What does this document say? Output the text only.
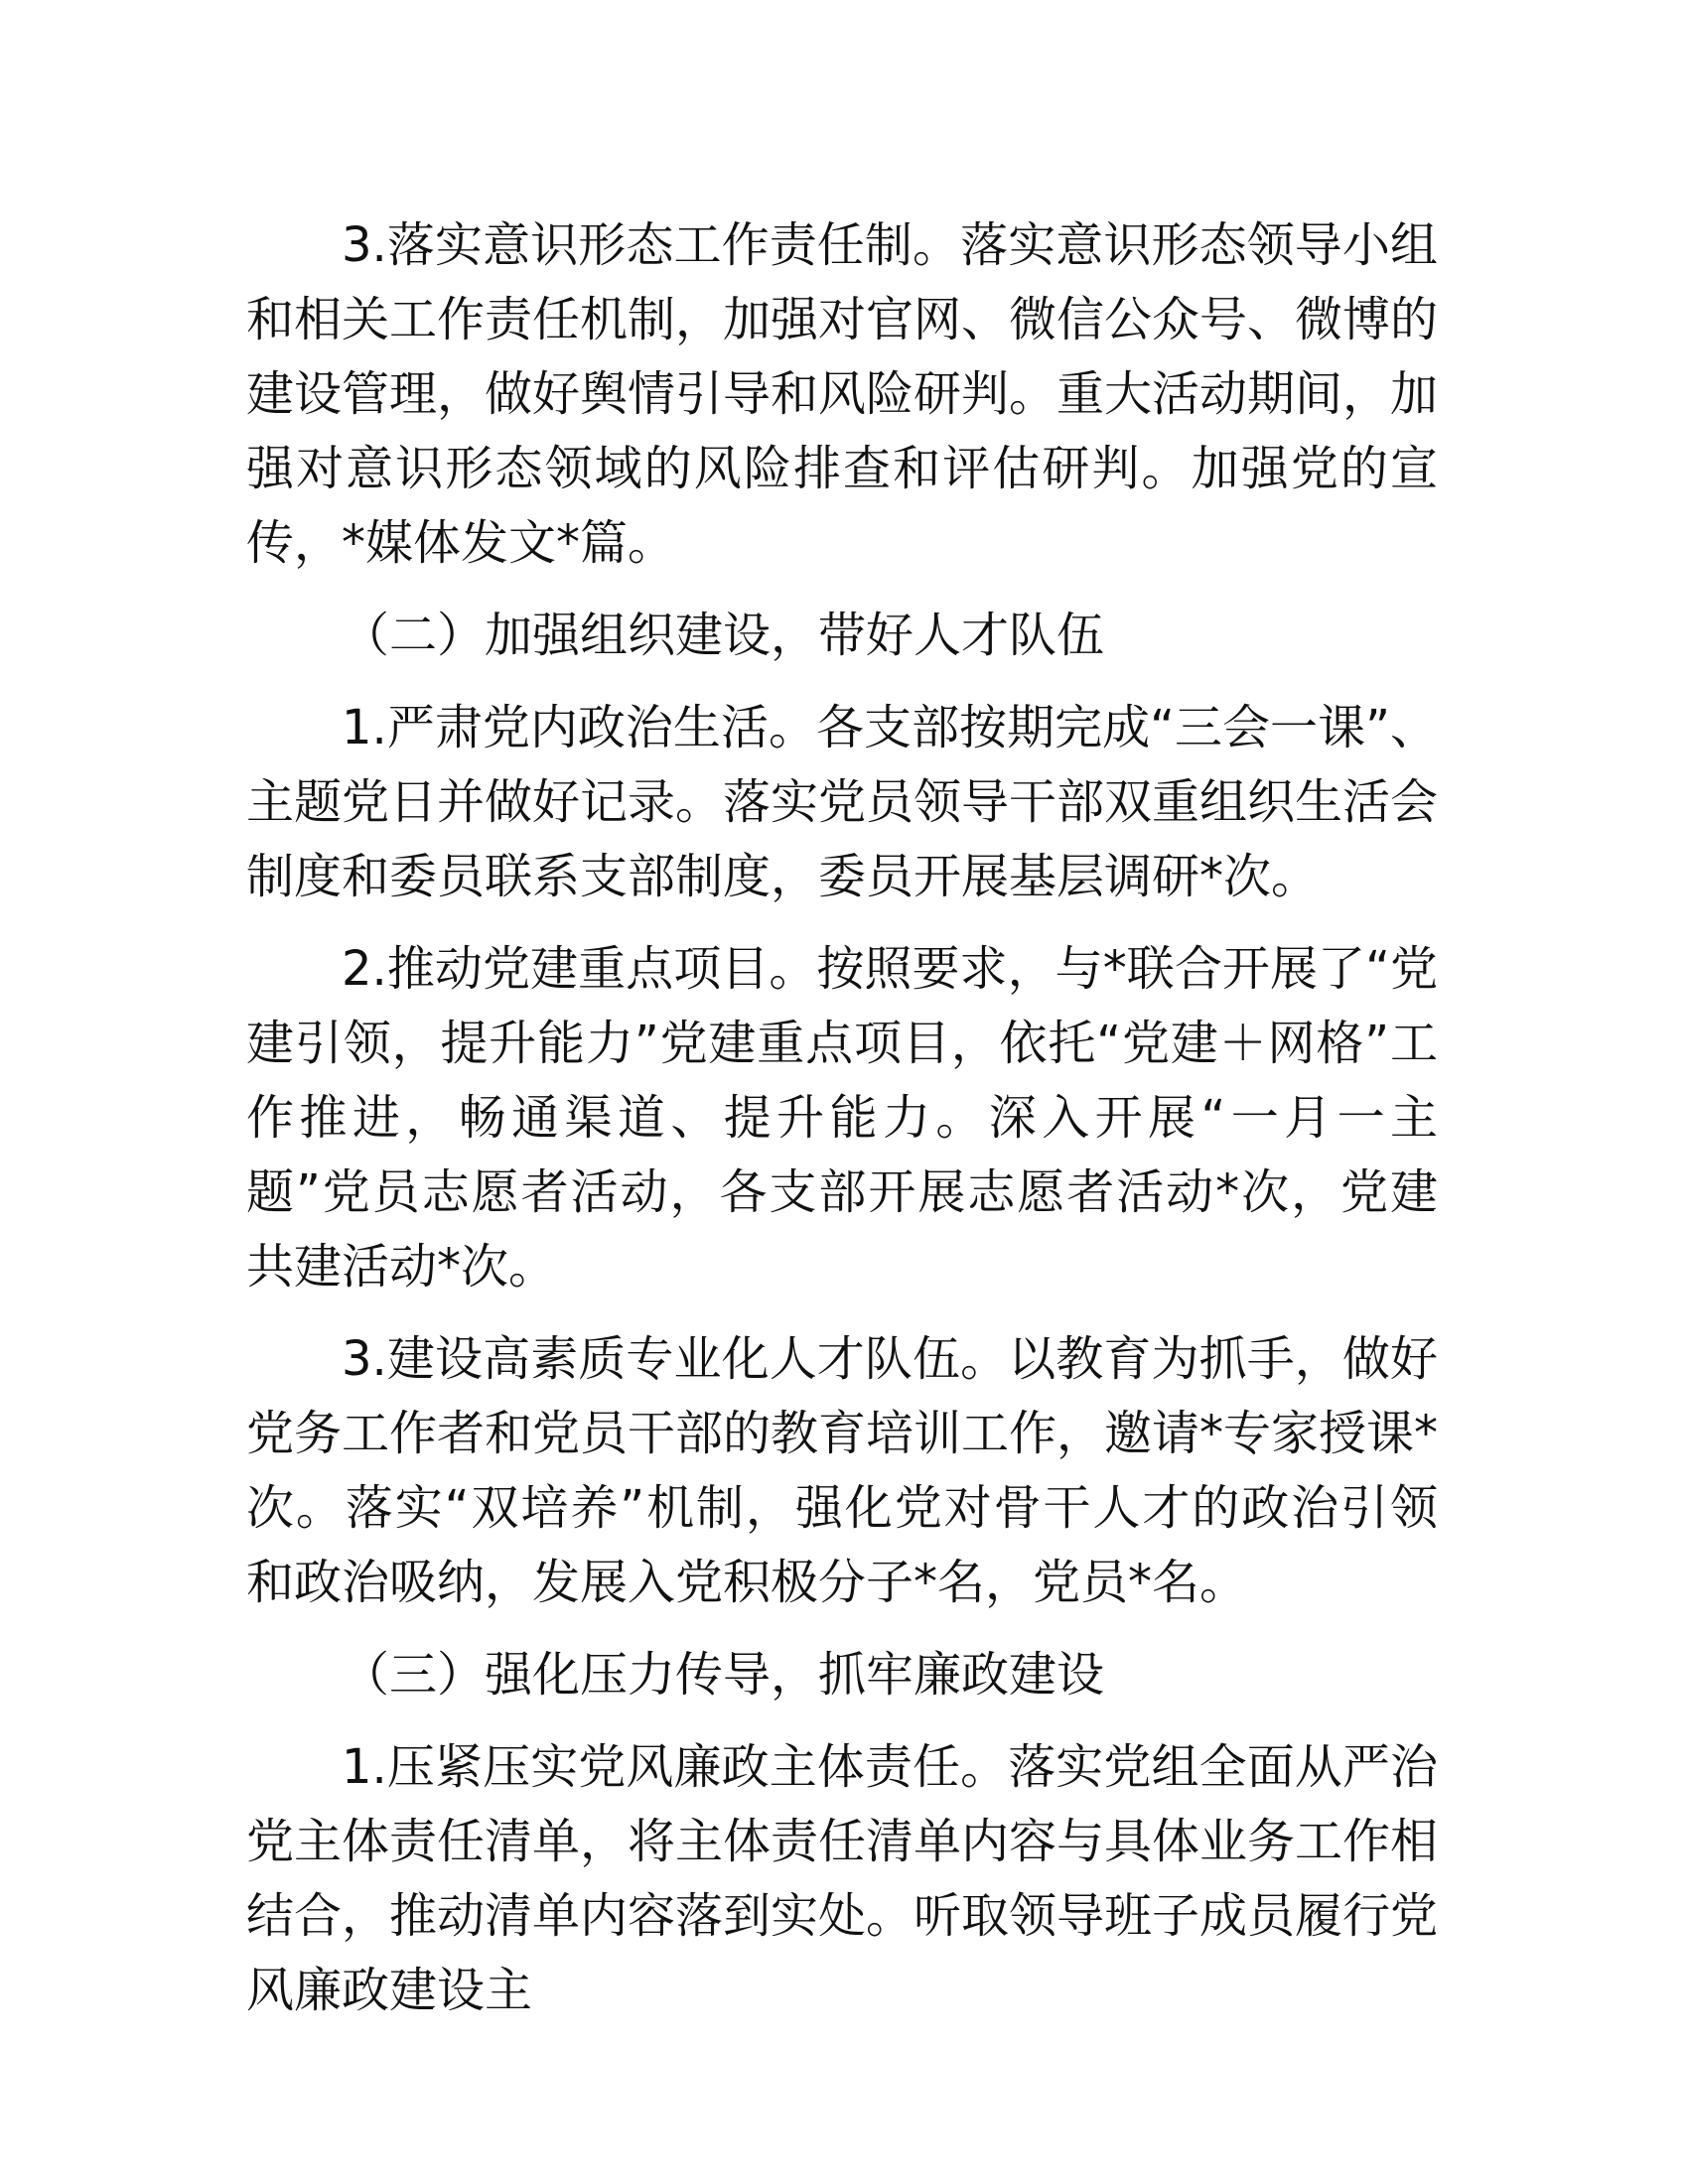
3.落实意识形态工作责任制。落实意识形态领导小组和相关工作责任机制，加强对官网、微信公众号、微博的建设管理，做好舆情引导和风险研判。重大活动期间，加强对意识形态领域的风险排查和评估研判。加强党的宣传，*媒体发文*篇。

（二）加强组织建设，带好人才队伍

1.严肃党内政治生活。各支部按期完成“三会一课”、主题党日并做好记录。落实党员领导干部双重组织生活会制度和委员联系支部制度，委员开展基层调研*次。

2.推动党建重点项目。按照要求，与*联合开展了“党建引领，提升能力”党建重点项目，依托“党建＋网格”工作推进，畅通渠道、提升能力。深入开展“一月一主题”党员志愿者活动，各支部开展志愿者活动*次，党建共建活动*次。

3.建设高素质专业化人才队伍。以教育为抓手，做好党务工作者和党员干部的教育培训工作，邀请*专家授课*次。落实“双培养”机制，强化党对骨干人才的政治引领和政治吸纳，发展入党积极分子*名，党员*名。

（三）强化压力传导，抓牢廉政建设

1.压紧压实党风廉政主体责任。落实党组全面从严治党主体责任清单，将主体责任清单内容与具体业务工作相结合，推动清单内容落到实处。听取领导班子成员履行党风廉政建设主
